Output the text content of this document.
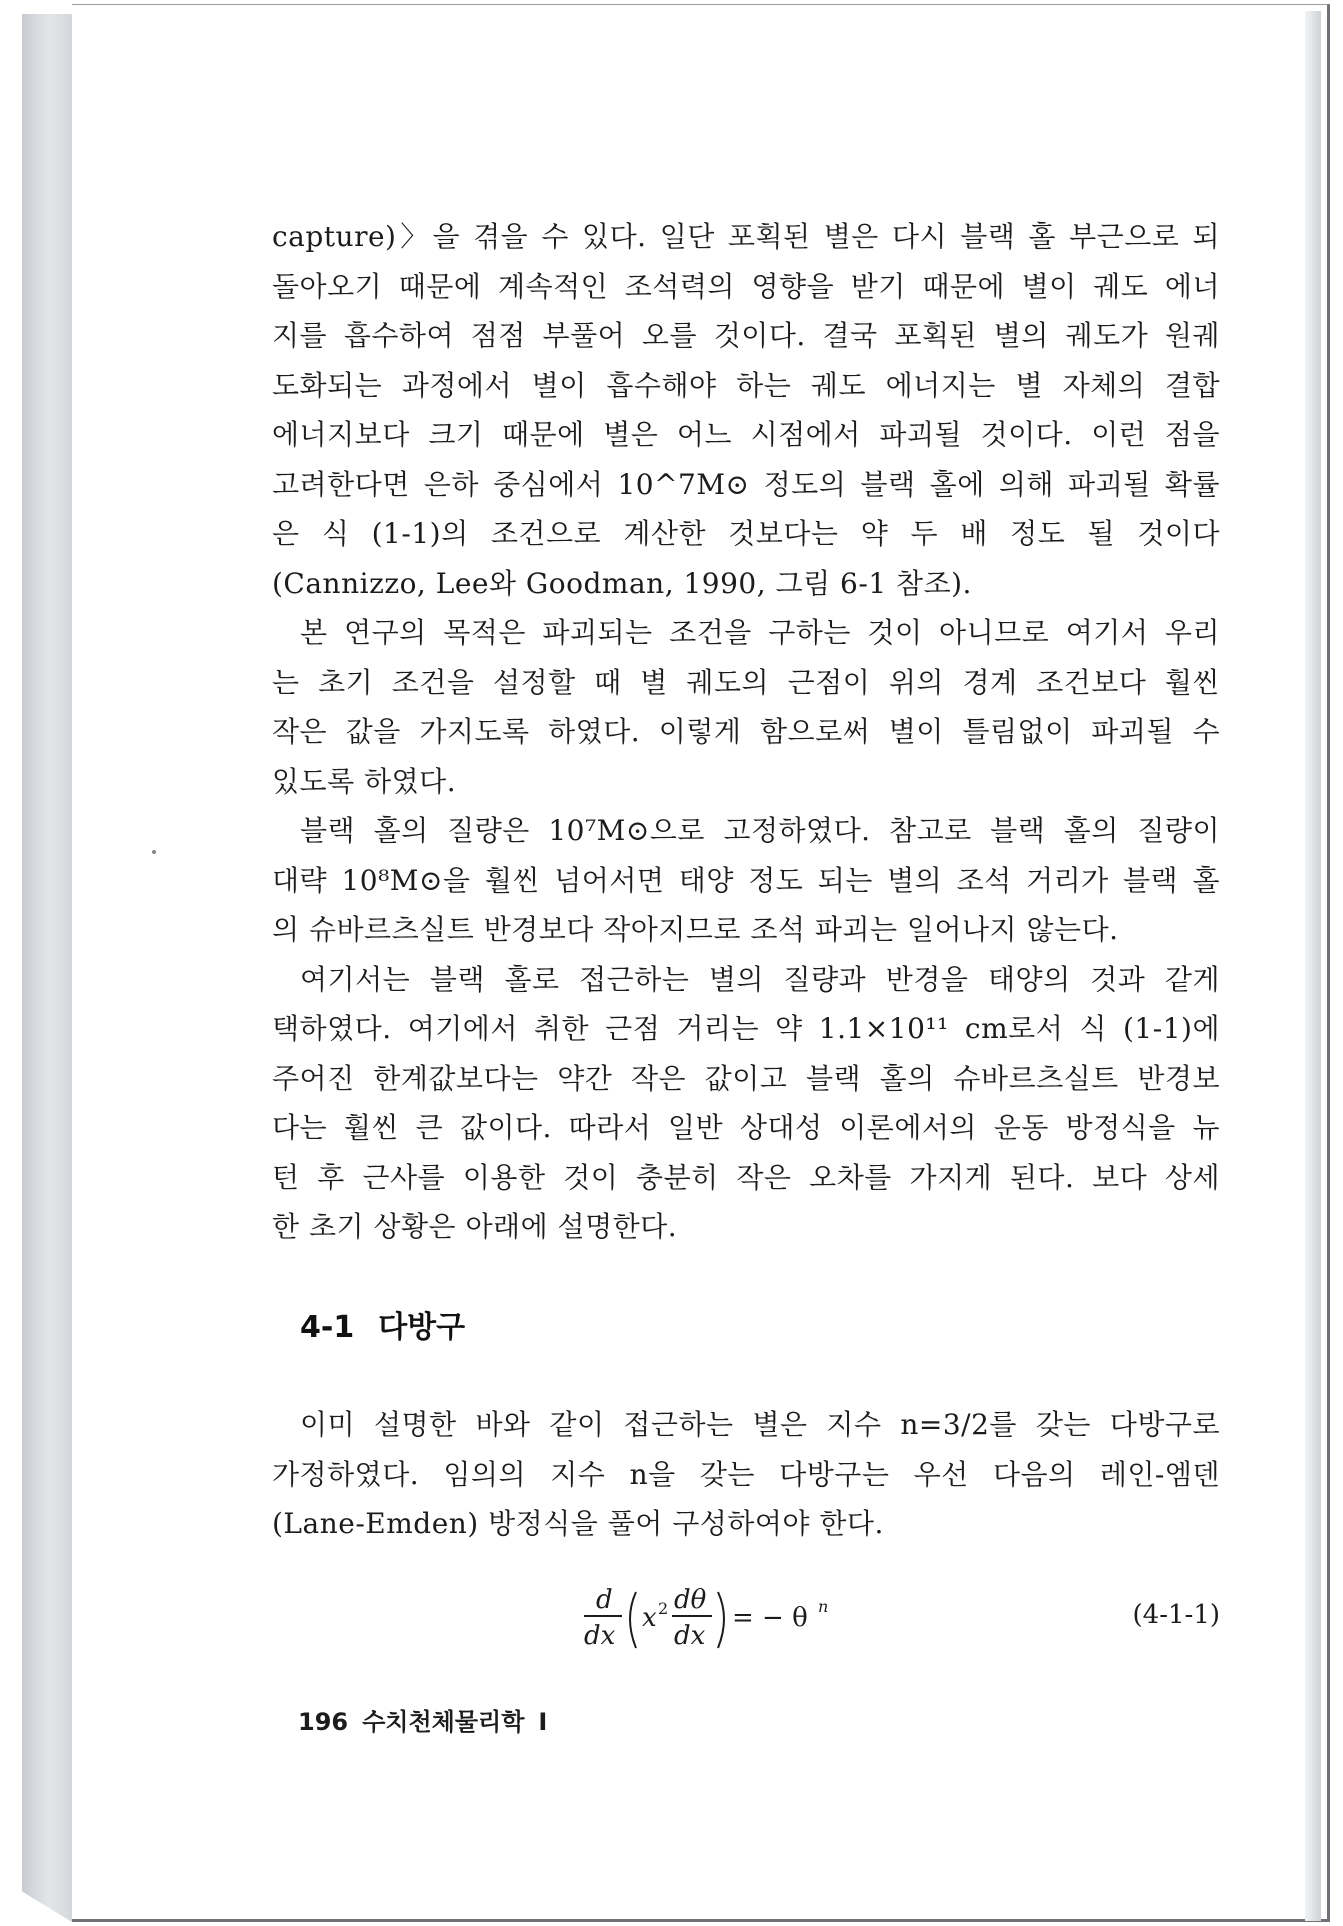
capture)〉을 겪을 수 있다. 일단 포획된 별은 다시 블랙 홀 부근으로 되
돌아오기 때문에 계속적인 조석력의 영향을 받기 때문에 별이 궤도 에너
지를 흡수하여 점점 부풀어 오를 것이다. 결국 포획된 별의 궤도가 원궤
도화되는 과정에서 별이 흡수해야 하는 궤도 에너지는 별 자체의 결합
에너지보다 크기 때문에 별은 어느 시점에서 파괴될 것이다. 이런 점을
고려한다면 은하 중심에서 10^7M⊙ 정도의 블랙 홀에 의해 파괴될 확률
은 식 (1-1)의 조건으로 계산한 것보다는 약 두 배 정도 될 것이다
(Cannizzo, Lee와 Goodman, 1990, 그림 6-1 참조).
본 연구의 목적은 파괴되는 조건을 구하는 것이 아니므로 여기서 우리
는 초기 조건을 설정할 때 별 궤도의 근점이 위의 경계 조건보다 훨씬
작은 값을 가지도록 하였다. 이렇게 함으로써 별이 틀림없이 파괴될 수
있도록 하였다.
블랙 홀의 질량은 10⁷M⊙으로 고정하였다. 참고로 블랙 홀의 질량이
대략 10⁸M⊙을 훨씬 넘어서면 태양 정도 되는 별의 조석 거리가 블랙 홀
의 슈바르츠실트 반경보다 작아지므로 조석 파괴는 일어나지 않는다.
여기서는 블랙 홀로 접근하는 별의 질량과 반경을 태양의 것과 같게
택하였다. 여기에서 취한 근점 거리는 약 1.1×10¹¹ cm로서 식 (1-1)에
주어진 한계값보다는 약간 작은 값이고 블랙 홀의 슈바르츠실트 반경보
다는 훨씬 큰 값이다. 따라서 일반 상대성 이론에서의 운동 방정식을 뉴
턴 후 근사를 이용한 것이 충분히 작은 오차를 가지게 된다. 보다 상세
한 초기 상황은 아래에 설명한다.
4-1 다방구
이미 설명한 바와 같이 접근하는 별은 지수 n=3/2를 갖는 다방구로
가정하였다. 임의의 지수 n을 갖는 다방구는 우선 다음의 레인-엠덴
(Lane-Emden) 방정식을 풀어 구성하여야 한다.
d
dx
x 2 dθ
dx
= − θ n	(4-1-1)
196 수치천체물리학 I
